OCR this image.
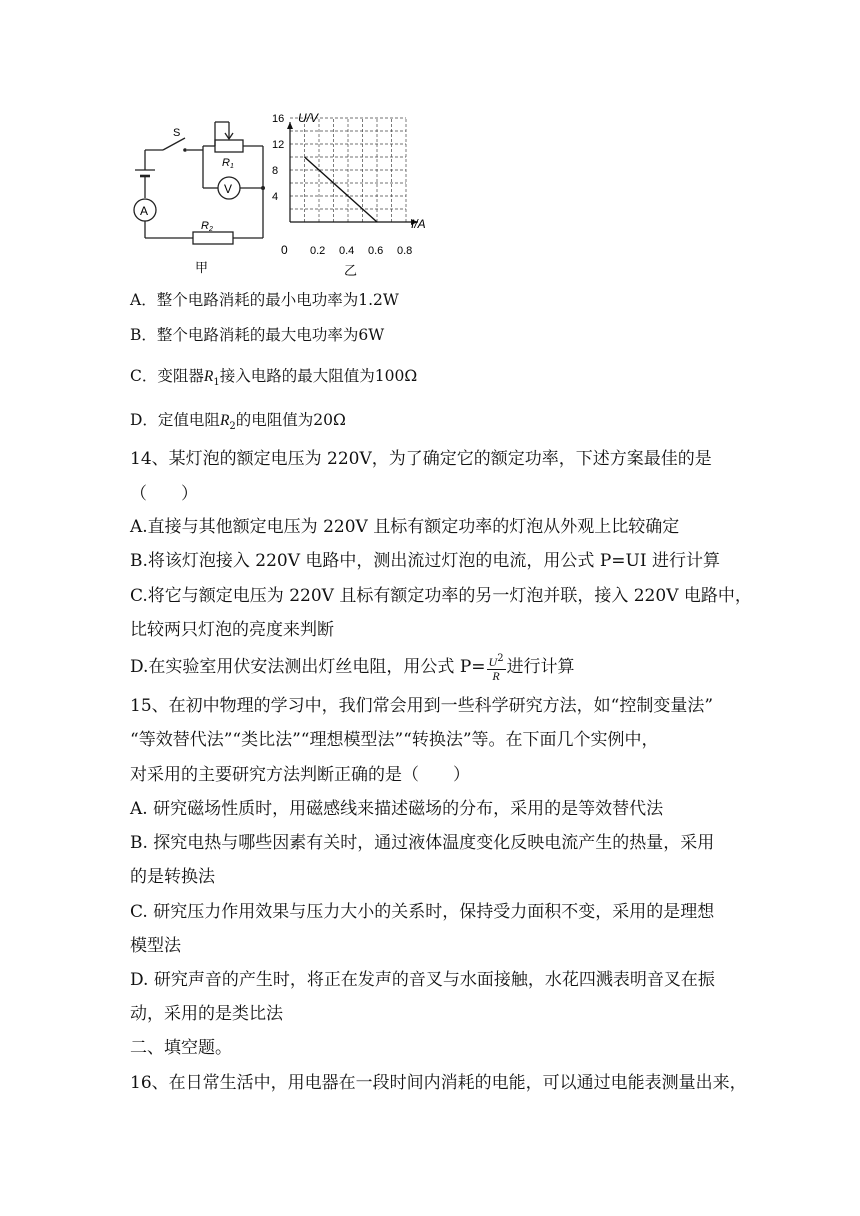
S
V
A
R1
R2
甲
16
12
8
4
0.2 0.4 0.6 0.8
U/V
I/A
0
乙
A．整个电路消耗的最小电功率为1.2W
B．整个电路消耗的最大电功率为6W
C．变阻器$R_1$接入电路的最大阻值为100Ω
D．定值电阻$R_2$的电阻值为20Ω
14、某灯泡的额定电压为 220V，为了确定它的额定功率，下述方案最佳的是
（　　）
A.直接与其他额定电压为 220V 且标有额定功率的灯泡从外观上比较确定
B.将该灯泡接入 220V 电路中，测出流过灯泡的电流，用公式 P=UI 进行计算
C.将它与额定电压为 220V 且标有额定功率的另一灯泡并联，接入 220V 电路中，
比较两只灯泡的亮度来判断
D.在实验室用伏安法测出灯丝电阻，用公式 $P= \frac{U^2}{R}$ 进行计算
15、在初中物理的学习中，我们常会用到一些科学研究方法，如“控制变量法”
“等效替代法”“类比法”“理想模型法”“转换法”等。在下面几个实例中，
对采用的主要研究方法判断正确的是（　　）
A. 研究磁场性质时，用磁感线来描述磁场的分布，采用的是等效替代法
B. 探究电热与哪些因素有关时，通过液体温度变化反映电流产生的热量，采用
的是转换法
C. 研究压力作用效果与压力大小的关系时，保持受力面积不变，采用的是理想
模型法
D. 研究声音的产生时，将正在发声的音叉与水面接触，水花四溅表明音叉在振
动，采用的是类比法
二、填空题。
16、在日常生活中，用电器在一段时间内消耗的电能，可以通过电能表测量出来，
